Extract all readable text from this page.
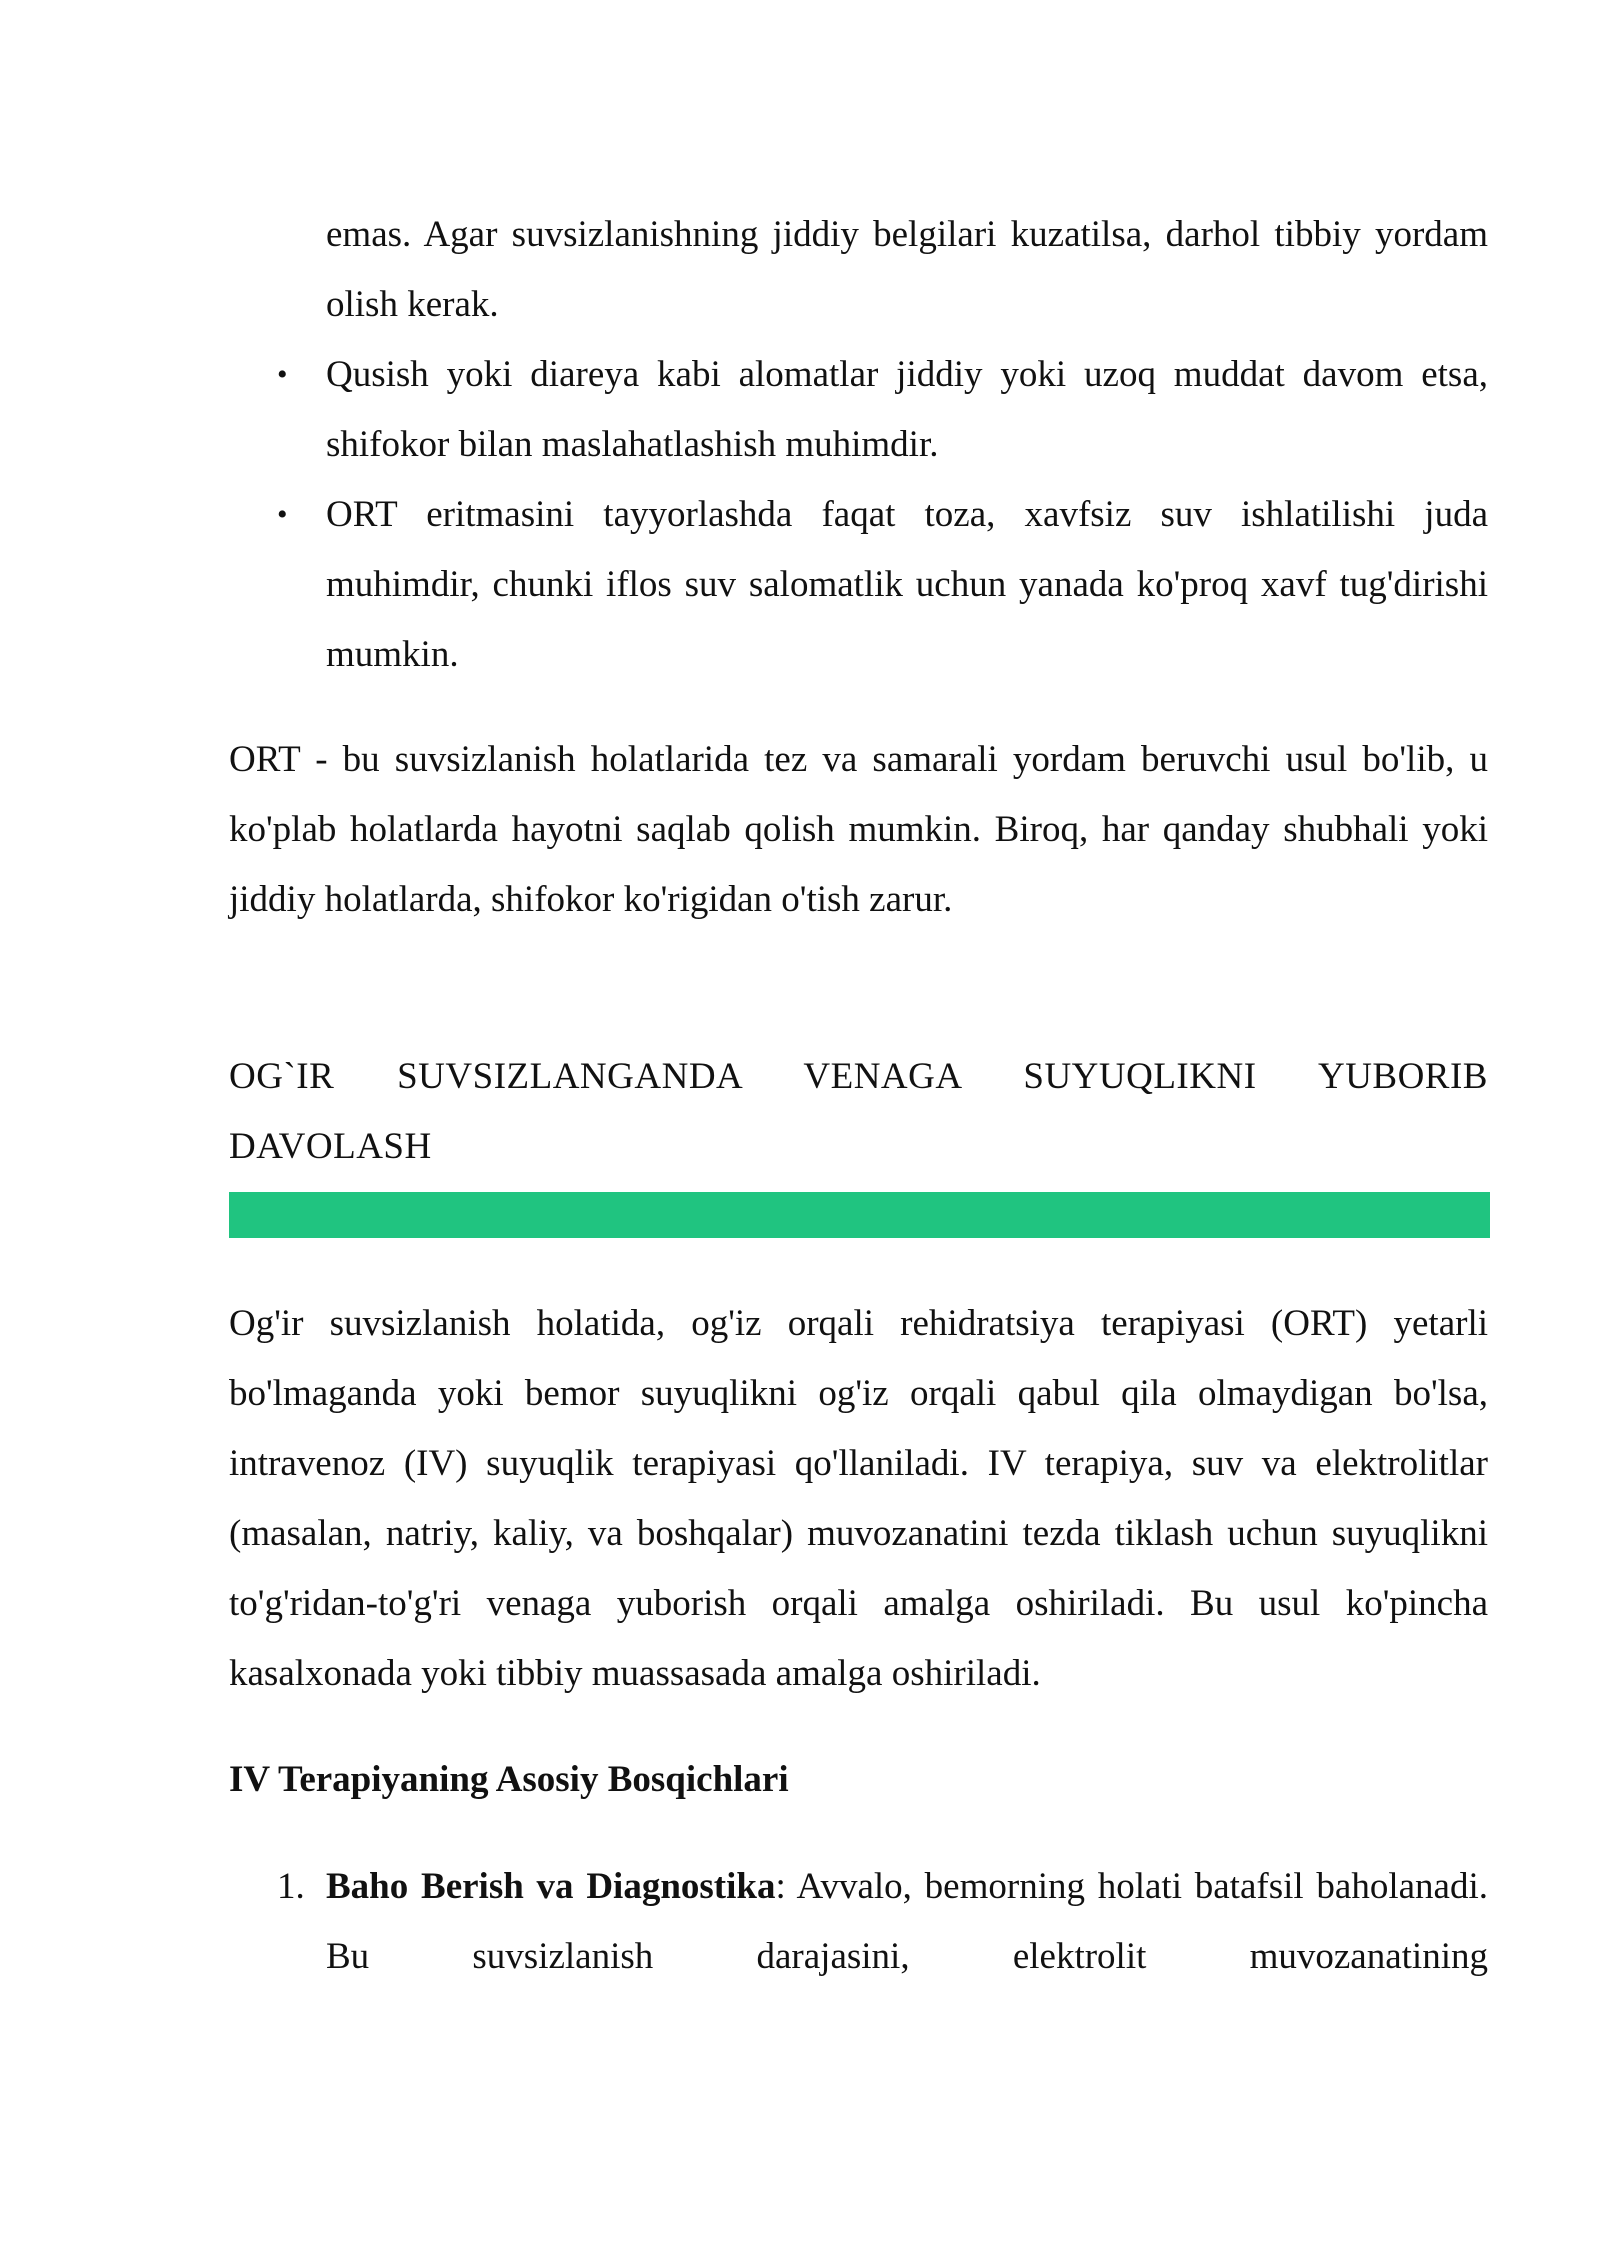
emas. Agar suvsizlanishning jiddiy belgilari kuzatilsa, darhol tibbiy yordam olish kerak.

• Qusish yoki diareya kabi alomatlar jiddiy yoki uzoq muddat davom etsa, shifokor bilan maslahatlashish muhimdir.
• ORT eritmasini tayyorlashda faqat toza, xavfsiz suv ishlatilishi juda muhimdir, chunki iflos suv salomatlik uchun yanada ko'proq xavf tug'dirishi mumkin.

ORT - bu suvsizlanish holatlarida tez va samarali yordam beruvchi usul bo'lib, u ko'plab holatlarda hayotni saqlab qolish mumkin. Biroq, har qanday shubhali yoki jiddiy holatlarda, shifokor ko'rigidan o'tish zarur.

OG`IR SUVSIZLANGANDA VENAGA SUYUQLIKNI YUBORIB DAVOLASH

Og'ir suvsizlanish holatida, og'iz orqali rehidratsiya terapiyasi (ORT) yetarli bo'lmaganda yoki bemor suyuqlikni og'iz orqali qabul qila olmaydigan bo'lsa, intravenoz (IV) suyuqlik terapiyasi qo'llaniladi. IV terapiya, suv va elektrolitlar (masalan, natriy, kaliy, va boshqalar) muvozanatini tezda tiklash uchun suyuqlikni to'g'ridan-to'g'ri venaga yuborish orqali amalga oshiriladi. Bu usul ko'pincha kasalxonada yoki tibbiy muassasada amalga oshiriladi.

IV Terapiyaning Asosiy Bosqichlari
1. Baho Berish va Diagnostika: Avvalo, bemorning holati batafsil baholanadi. Bu suvsizlanish darajasini, elektrolit muvozanatining
